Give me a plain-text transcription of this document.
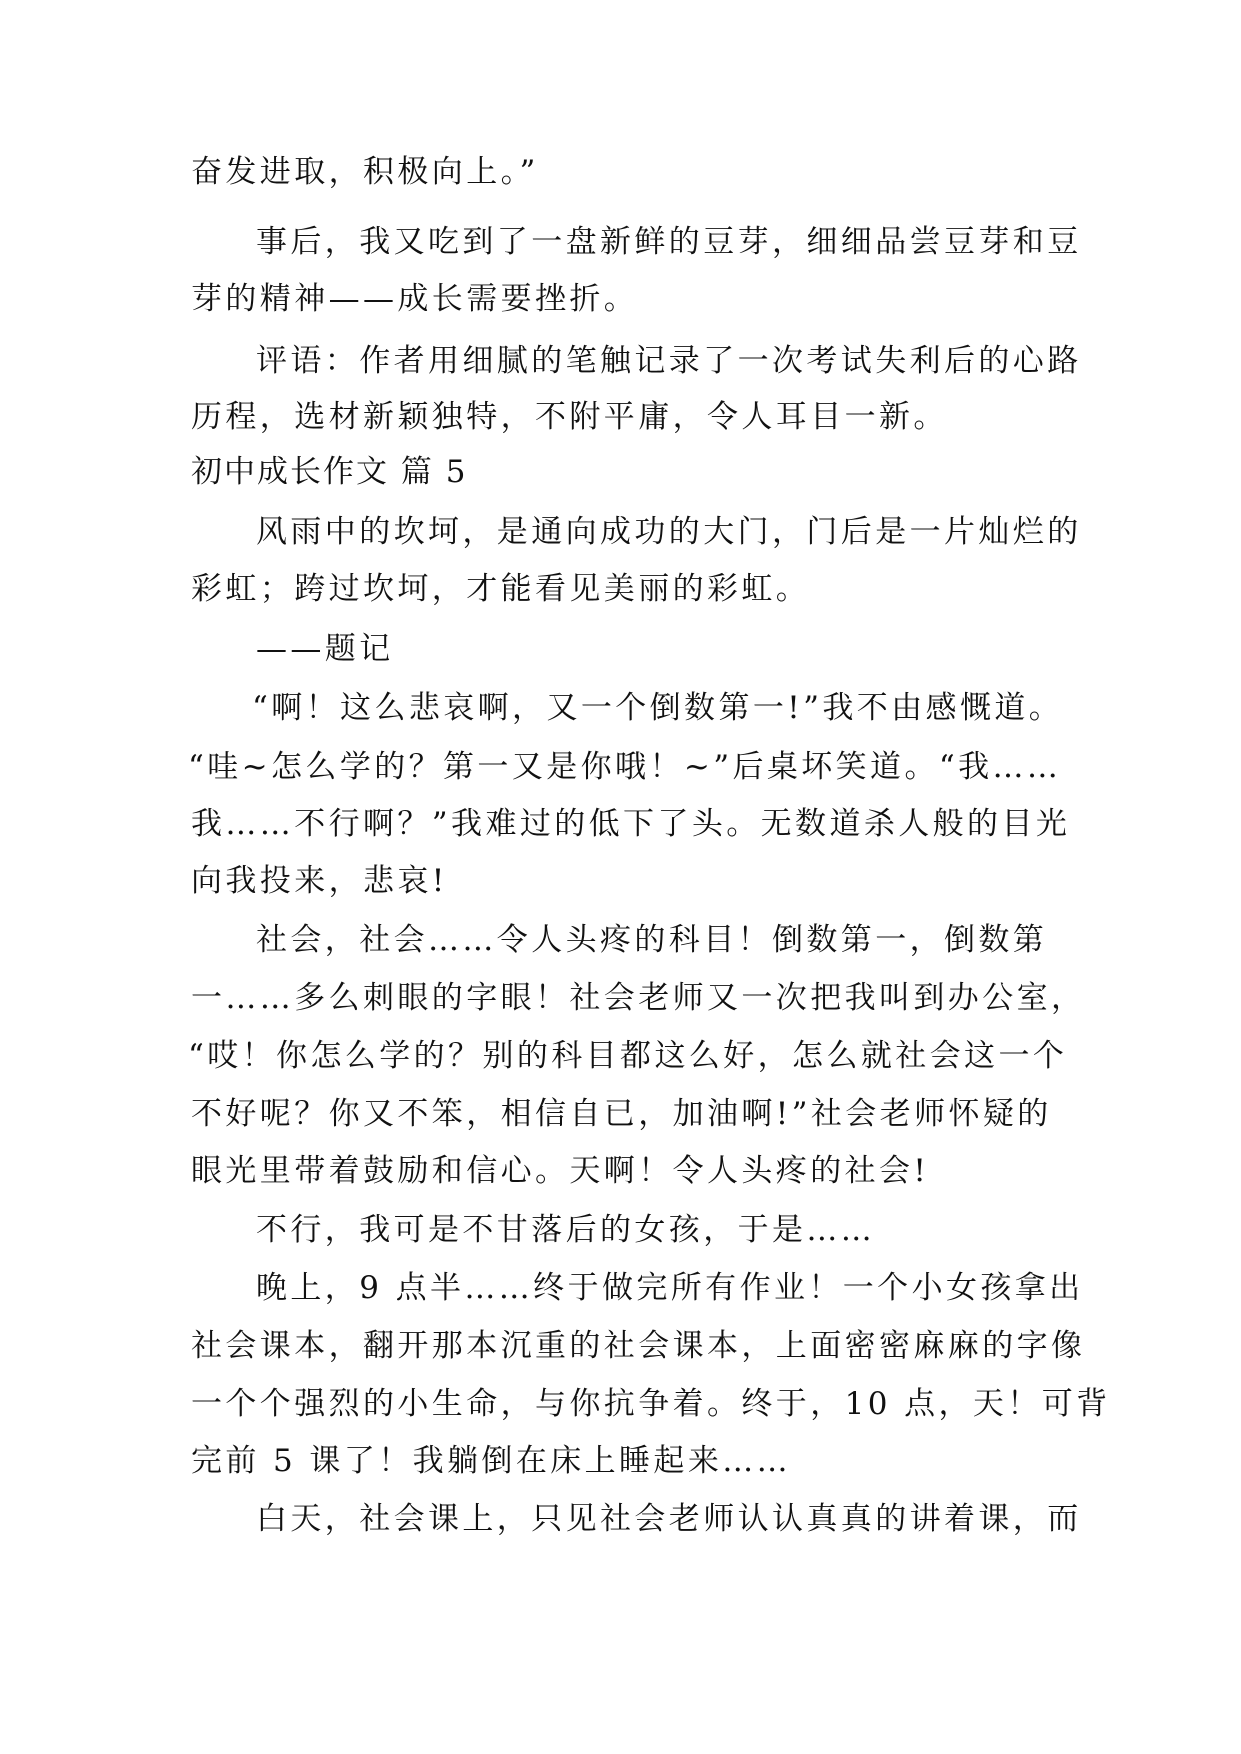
奋发进取，积极向上。”
事后，我又吃到了一盘新鲜的豆芽，细细品尝豆芽和豆
芽的精神——成长需要挫折。
评语：作者用细腻的笔触记录了一次考试失利后的心路
历程，选材新颖独特，不附平庸，令人耳目一新。
初中成长作文 篇 5
风雨中的坎坷，是通向成功的大门，门后是一片灿烂的
彩虹；跨过坎坷，才能看见美丽的彩虹。
——题记
“啊！这么悲哀啊，又一个倒数第一!”我不由感慨道。
“哇~怎么学的？第一又是你哦！~”后桌坏笑道。“我……
我……不行啊？”我难过的低下了头。无数道杀人般的目光
向我投来，悲哀!
社会，社会……令人头疼的科目！倒数第一，倒数第
一……多么刺眼的字眼！社会老师又一次把我叫到办公室，
“哎！你怎么学的？别的科目都这么好，怎么就社会这一个
不好呢？你又不笨，相信自已，加油啊!”社会老师怀疑的
眼光里带着鼓励和信心。天啊！令人头疼的社会!
不行，我可是不甘落后的女孩，于是……
晚上，9 点半……终于做完所有作业！一个小女孩拿出
社会课本，翻开那本沉重的社会课本，上面密密麻麻的字像
一个个强烈的小生命，与你抗争着。终于，10 点，天！可背
完前 5 课了！我躺倒在床上睡起来……
白天，社会课上，只见社会老师认认真真的讲着课，而
